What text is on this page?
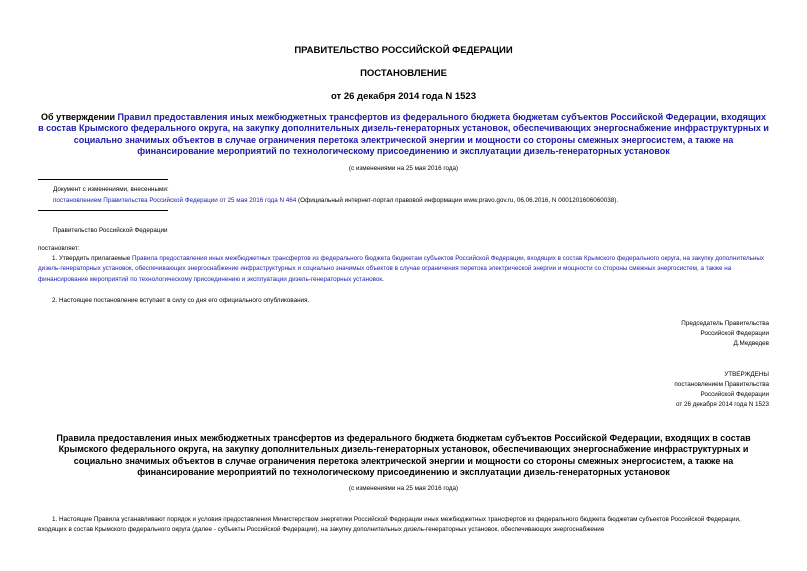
ПРАВИТЕЛЬСТВО РОССИЙСКОЙ ФЕДЕРАЦИИ
ПОСТАНОВЛЕНИЕ
от 26 декабря 2014 года N 1523
Об утверждении Правил предоставления иных межбюджетных трансфертов из федерального бюджета бюджетам субъектов Российской Федерации, входящих в состав Крымского федерального округа, на закупку дополнительных дизель-генераторных установок, обеспечивающих энергоснабжение инфраструктурных и социально значимых объектов в случае ограничения перетока электрической энергии и мощности со стороны смежных энергосистем, а также на финансирование мероприятий по технологическому присоединению и эксплуатации дизель-генераторных установок
(с изменениями на 25 мая 2016 года)
Документ с изменениями, внесенными:
постановлением Правительства Российской Федерации от 25 мая 2016 года N 464 (Официальный интернет-портал правовой информации www.pravo.gov.ru, 06.06.2016, N 0001201606060038).
Правительство Российской Федерации
постановляет:
1. Утвердить прилагаемые Правила предоставления иных межбюджетных трансфертов из федерального бюджета бюджетам субъектов Российской Федерации, входящих в состав Крымского федерального округа, на закупку дополнительных дизель-генераторных установок, обеспечивающих энергоснабжение инфраструктурных и социально значимых объектов в случае ограничения перетока электрической энергии и мощности со стороны смежных энергосистем, а также на финансирование мероприятий по технологическому присоединению и эксплуатации дизель-генераторных установок.
2. Настоящее постановление вступает в силу со дня его официального опубликования.
Председатель Правительства
Российской Федерации
Д.Медведев
УТВЕРЖДЕНЫ
постановлением Правительства
Российской Федерации
от 26 декабря 2014 года N 1523
Правила предоставления иных межбюджетных трансфертов из федерального бюджета бюджетам субъектов Российской Федерации, входящих в состав Крымского федерального округа, на закупку дополнительных дизель-генераторных установок, обеспечивающих энергоснабжение инфраструктурных и социально значимых объектов в случае ограничения перетока электрической энергии и мощности со стороны смежных энергосистем, а также на финансирование мероприятий по технологическому присоединению и эксплуатации дизель-генераторных установок
(с изменениями на 25 мая 2016 года)
1. Настоящие Правила устанавливают порядок и условия предоставления Министерством энергетики Российской Федерации иных межбюджетных трансфертов из федерального бюджета бюджетам субъектов Российской Федерации, входящих в состав Крымского федерального округа (далее - субъекты Российской Федерации), на закупку дополнительных дизель-генераторных установок, обеспечивающих энергоснабжение
